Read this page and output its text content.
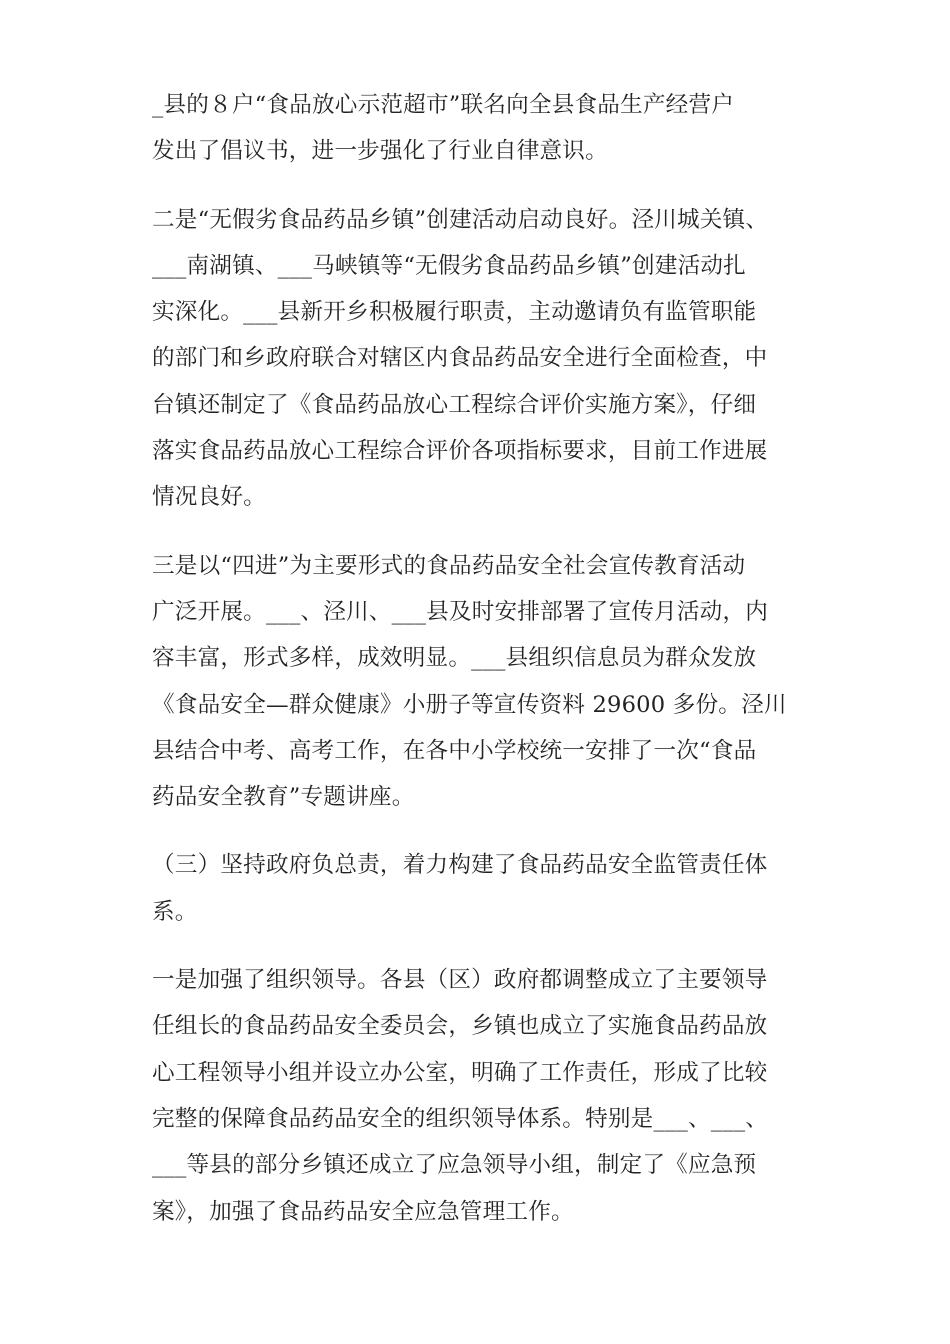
_县的８户“食品放心示范超市”联名向全县食品生产经营户
发出了倡议书，进一步强化了行业自律意识。

二是“无假劣食品药品乡镇”创建活动启动良好。泾川城关镇、
___南湖镇、___马峡镇等“无假劣食品药品乡镇”创建活动扎
实深化。___县新开乡积极履行职责，主动邀请负有监管职能
的部门和乡政府联合对辖区内食品药品安全进行全面检查，中
台镇还制定了《食品药品放心工程综合评价实施方案》，仔细
落实食品药品放心工程综合评价各项指标要求，目前工作进展
情况良好。

三是以“四进”为主要形式的食品药品安全社会宣传教育活动
广泛开展。___、泾川、___县及时安排部署了宣传月活动，内
容丰富，形式多样，成效明显。___县组织信息员为群众发放
《食品安全—群众健康》小册子等宣传资料 29600 多份。泾川
县结合中考、高考工作，在各中小学校统一安排了一次“食品
药品安全教育”专题讲座。

（三）坚持政府负总责，着力构建了食品药品安全监管责任体
系。

一是加强了组织领导。各县（区）政府都调整成立了主要领导
任组长的食品药品安全委员会，乡镇也成立了实施食品药品放
心工程领导小组并设立办公室，明确了工作责任，形成了比较
完整的保障食品药品安全的组织领导体系。特别是___、___、
___等县的部分乡镇还成立了应急领导小组，制定了《应急预
案》，加强了食品药品安全应急管理工作。
